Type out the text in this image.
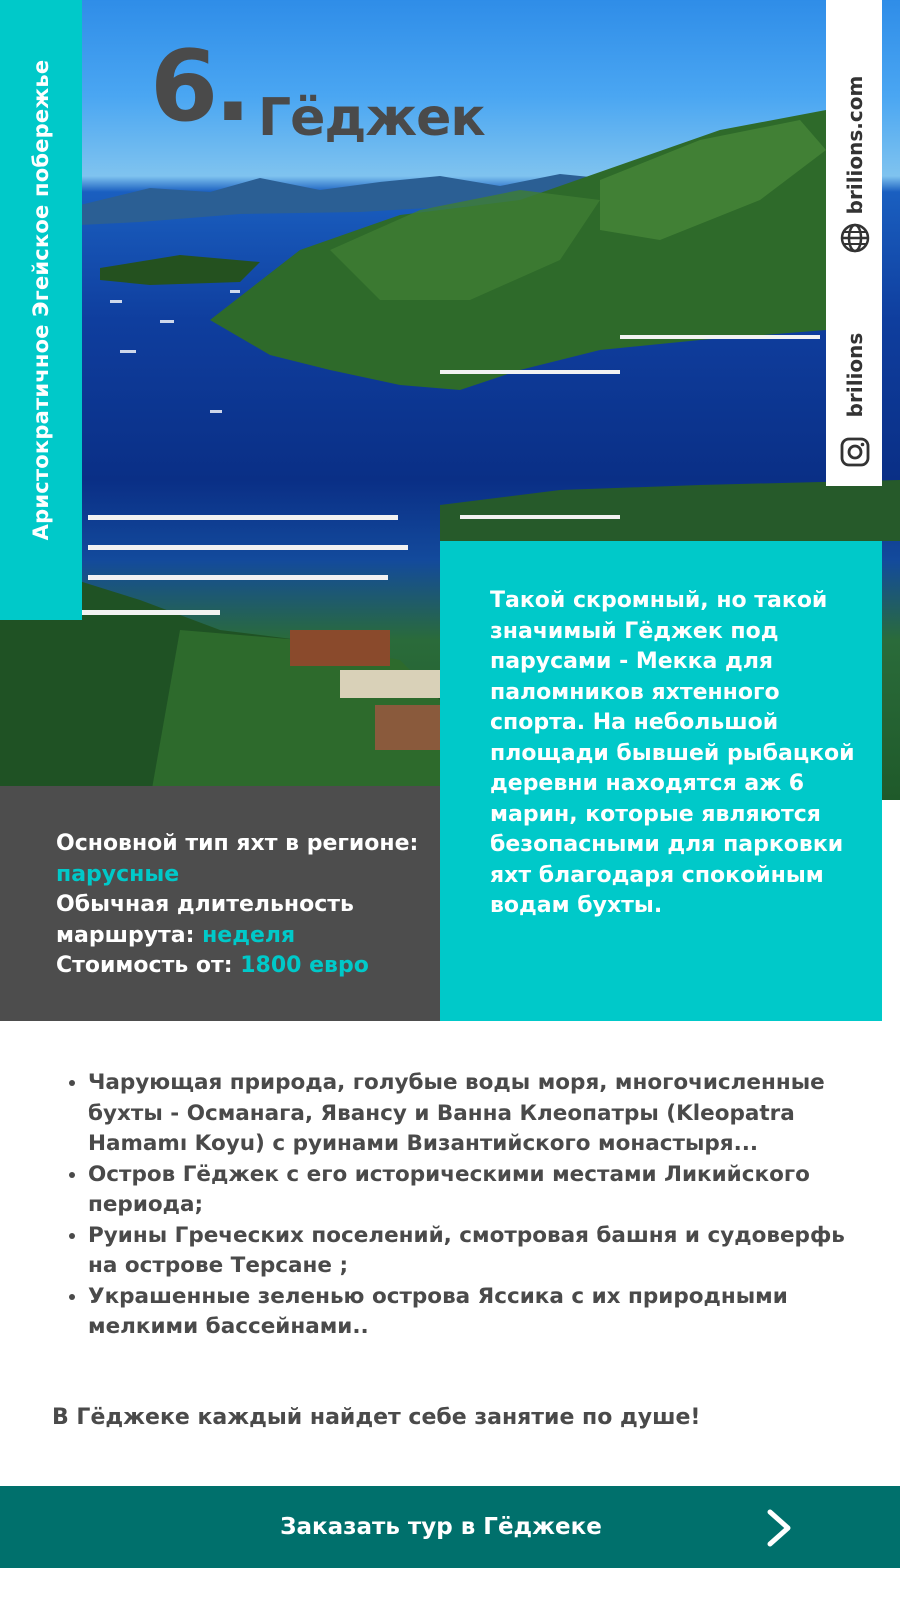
Аристократичное Эгейское побережье 6. Гёджек	brilions.com
brilions
Такой скромный, но такой значимый Гёджек под парусами - Мекка для паломников яхтенного спорта. На небольшой площади бывшей рыбацкой деревни находятся аж 6 марин, которые являются безопасными для парковки яхт благодаря спокойным водам бухты.
Основной тип яхт в регионе: парусные
Обычная длительность маршрута: неделя
Стоимость от: 1800 евро
• Чарующая природа, голубые воды моря, многочисленные бухты - Османага, Явансу и Ванна Клеопатры (Kleopatra Hamamı Koyu) с руинами Византийского монастыря...
• Остров Гёджек с его историческими местами Ликийского периода;
• Руины Греческих поселений, смотровая башня и судоверфь на острове Терсане ;
• Украшенные зеленью острова Яссика с их природными мелкими бассейнами..
В Гёджеке каждый найдет себе занятие по душе!
Заказать тур в Гёджеке
